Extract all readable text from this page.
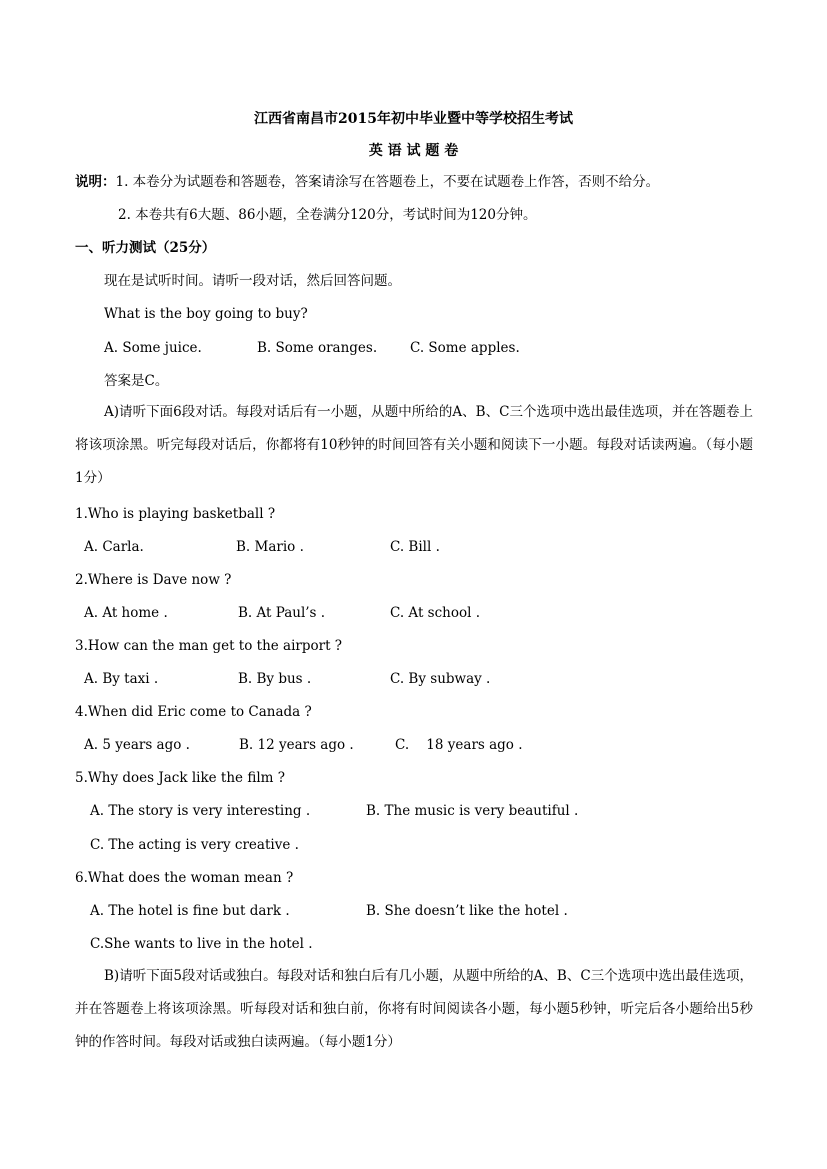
江西省南昌市2015年初中毕业暨中等学校招生考试
英 语 试 题 卷
说明：1. 本卷分为试题卷和答题卷，答案请涂写在答题卷上，不要在试题卷上作答，否则不给分。
2. 本卷共有6大题、86小题，全卷满分120分，考试时间为120分钟。
一、听力测试（25分）
现在是试听时间。请听一段对话，然后回答问题。
What is the boy going to buy?
A. Some juice.	B. Some oranges. C. Some apples.
答案是C。
A)请听下面6段对话。每段对话后有一小题，从题中所给的A、B、C三个选项中选出最佳选项，并在答题卷上将该项涂黑。听完每段对话后，你都将有10秒钟的时间回答有关小题和阅读下一小题。每段对话读两遍。（每小题1分）
1.Who is playing basketball ?
A. Carla.	B. Mario .	C. Bill .
2.Where is Dave now ?
A. At home .	B. At Paul’s .	C. At school .
3.How can the man get to the airport ?
A. By taxi .	B. By bus .	C. By subway .
4.When did Eric come to Canada ?
A. 5 years ago .	B. 12 years ago .	C.    18 years ago .
5.Why does Jack like the film ?
A. The story is very interesting .	B. The music is very beautiful .
C. The acting is very creative .
6.What does the woman mean ?
A. The hotel is fine but dark .	B. She doesn’t like the hotel .
C.She wants to live in the hotel .
B)请听下面5段对话或独白。每段对话和独白后有几小题，从题中所给的A、B、C三个选项中选出最佳选项，并在答题卷上将该项涂黑。听每段对话和独白前，你将有时间阅读各小题，每小题5秒钟，听完后各小题给出5秒钟的作答时间。每段对话或独白读两遍。（每小题1分）
